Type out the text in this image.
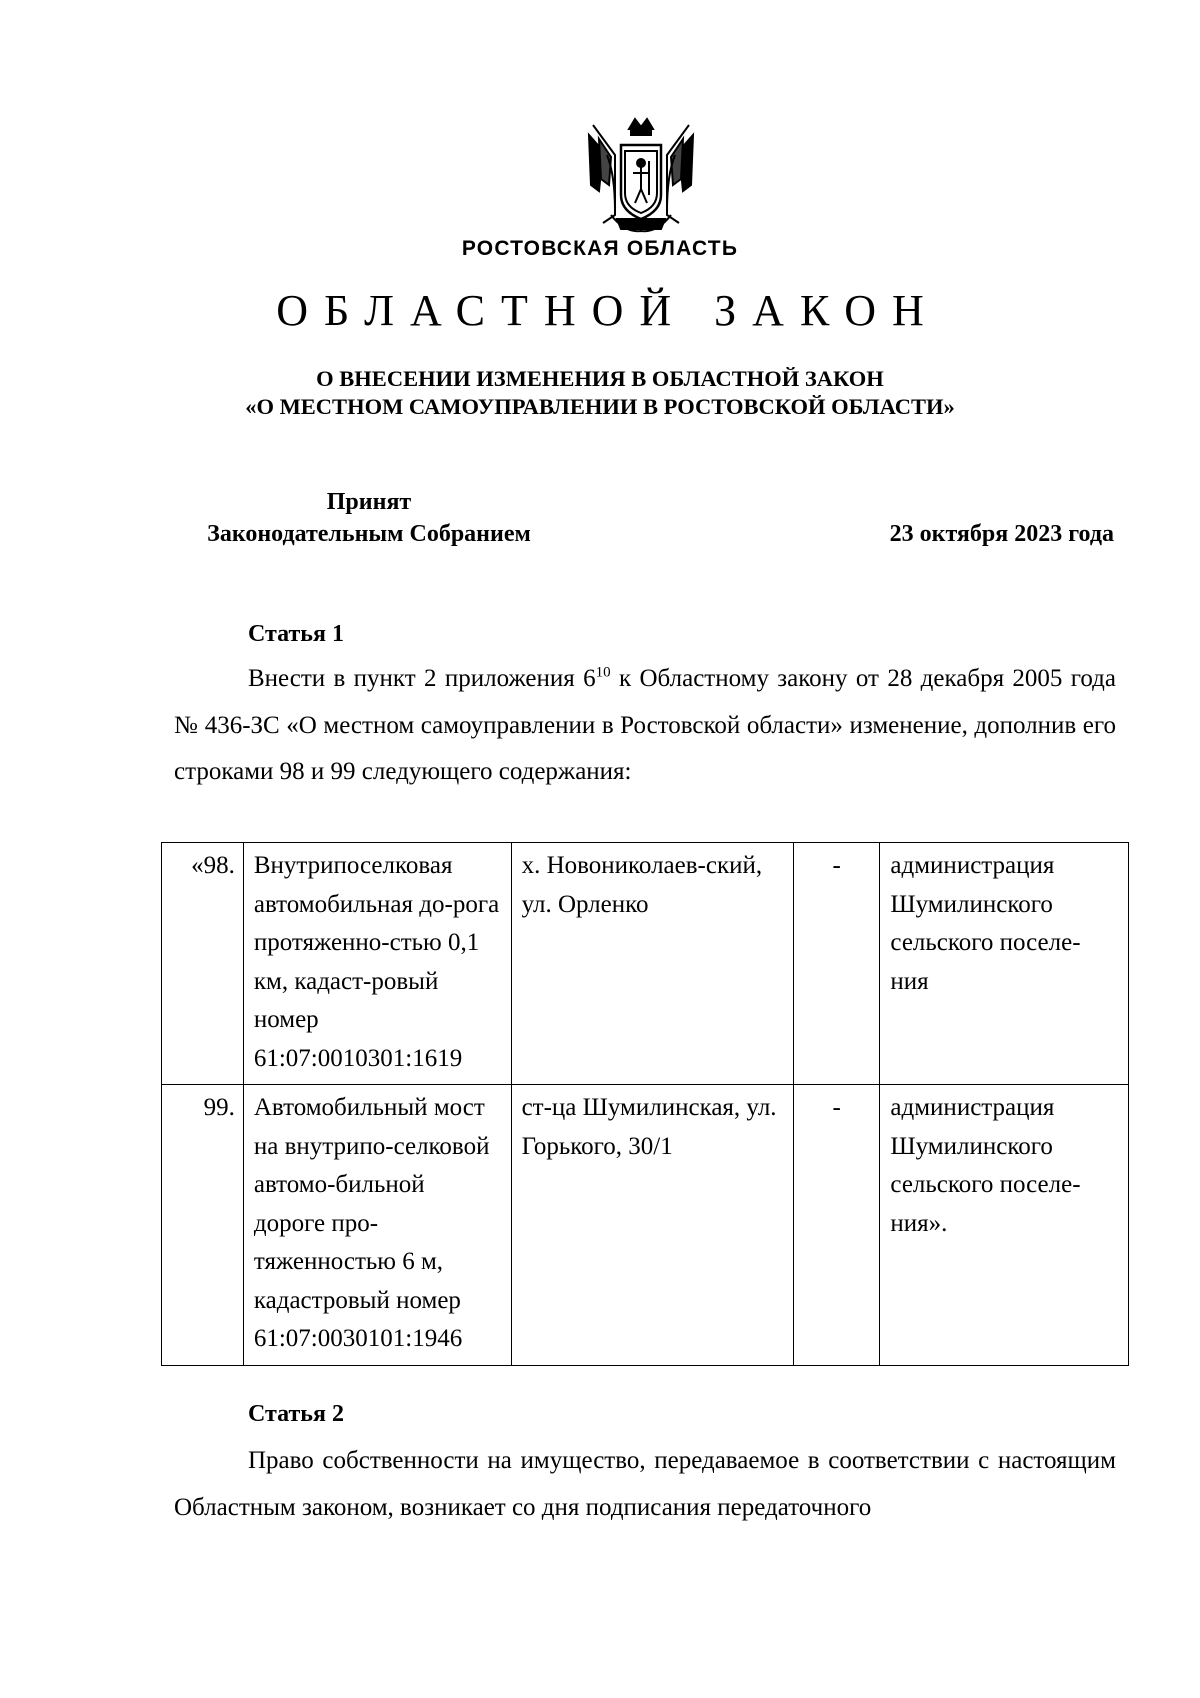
РОСТОВСКАЯ ОБЛАСТЬ
ОБЛАСТНОЙ ЗАКОН
О ВНЕСЕНИИ ИЗМЕНЕНИЯ В ОБЛАСТНОЙ ЗАКОН
«О МЕСТНОМ САМОУПРАВЛЕНИИ В РОСТОВСКОЙ ОБЛАСТИ»
Принят
Законодательным Собранием	23 октября 2023 года
Статья 1

Внести в пункт 2 приложения $6^{10}$ к Областному закону от 28 декабря 2005 года № 436-ЗС «О местном самоуправлении в Ростовской области» изменение, дополнив его строками 98 и 99 следующего содержания:

«98.	Внутрипоселковая автомобильная до-рога протяженно-стью 0,1 км, кадаст-ровый номер 61:07:0010301:1619	х. Новониколаев-ский, ул. Орленко	-	администрация Шумилинского сельского поселе-ния
99.	Автомобильный мост на внутрипо-селковой автомо-бильной дороге про-тяженностью 6 м, кадастровый номер 61:07:0030101:1946	ст-ца Шумилинская, ул. Горького, 30/1	-	администрация Шумилинского сельского поселе-ния».
Статья 2

Право собственности на имущество, передаваемое в соответствии с настоящим Областным законом, возникает со дня подписания передаточного
